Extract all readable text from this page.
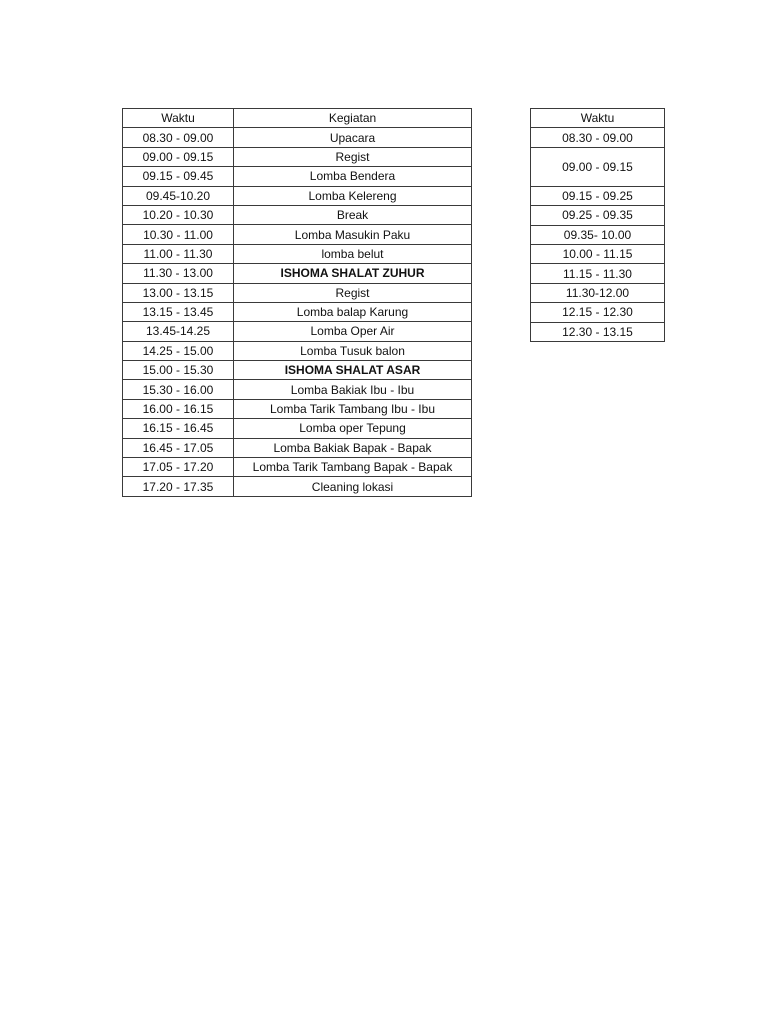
Waktu	Kegiatan
08.30 - 09.00	Upacara
09.00 - 09.15	Regist
09.15 - 09.45	Lomba Bendera
09.45-10.20	Lomba Kelereng
10.20 - 10.30	Break
10.30 - 11.00	Lomba Masukin Paku
11.00 - 11.30	lomba belut
11.30 - 13.00	ISHOMA SHALAT ZUHUR
13.00 - 13.15	Regist
13.15 - 13.45	Lomba balap Karung
13.45-14.25	Lomba Oper Air
14.25 - 15.00	Lomba Tusuk balon
15.00 - 15.30	ISHOMA SHALAT ASAR
15.30 - 16.00	Lomba Bakiak Ibu - Ibu
16.00 - 16.15	Lomba Tarik Tambang Ibu - Ibu
16.15 - 16.45	Lomba oper Tepung
16.45 - 17.05	Lomba Bakiak Bapak - Bapak
17.05 - 17.20	Lomba Tarik Tambang Bapak - Bapak
17.20 - 17.35	Cleaning lokasi
Waktu
08.30 - 09.00
09.00 - 09.15
09.15 - 09.25
09.25 - 09.35
09.35- 10.00
10.00 - 11.15
11.15 - 11.30
11.30-12.00
12.15 - 12.30
12.30 - 13.15
